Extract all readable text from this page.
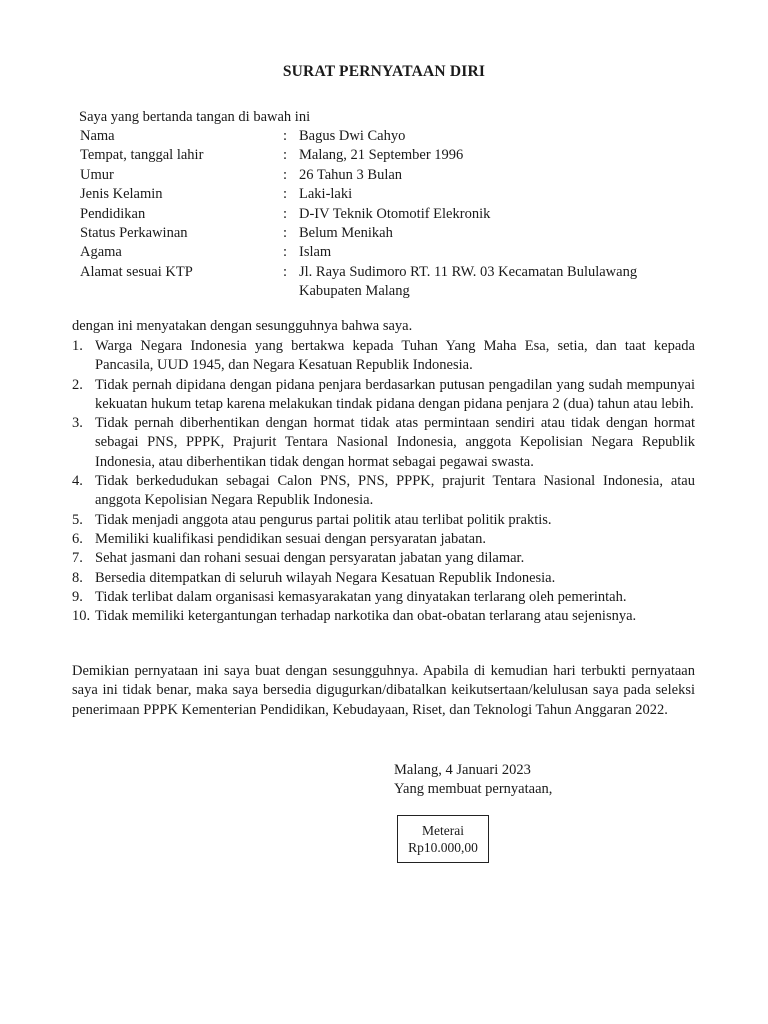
SURAT PERNYATAAN DIRI
Saya yang bertanda tangan di bawah ini
Nama	: Bagus Dwi Cahyo
Tempat, tanggal lahir	: Malang, 21 September 1996
Umur	: 26 Tahun 3 Bulan
Jenis Kelamin	: Laki-laki
Pendidikan	: D-IV Teknik Otomotif Elekronik
Status Perkawinan	: Belum Menikah
Agama	: Islam
Alamat sesuai KTP	: Jl. Raya Sudimoro RT. 11 RW. 03 Kecamatan Bululawang Kabupaten Malang
dengan ini menyatakan dengan sesungguhnya bahwa saya.
1. Warga Negara Indonesia yang bertakwa kepada Tuhan Yang Maha Esa, setia, dan taat kepada Pancasila, UUD 1945, dan Negara Kesatuan Republik Indonesia.
2. Tidak pernah dipidana dengan pidana penjara berdasarkan putusan pengadilan yang sudah mempunyai kekuatan hukum tetap karena melakukan tindak pidana dengan pidana penjara 2 (dua) tahun atau lebih.
3. Tidak pernah diberhentikan dengan hormat tidak atas permintaan sendiri atau tidak dengan hormat sebagai PNS, PPPK, Prajurit Tentara Nasional Indonesia, anggota Kepolisian Negara Republik Indonesia, atau diberhentikan tidak dengan hormat sebagai pegawai swasta.
4. Tidak berkedudukan sebagai Calon PNS, PNS, PPPK, prajurit Tentara Nasional Indonesia, atau anggota Kepolisian Negara Republik Indonesia.
5. Tidak menjadi anggota atau pengurus partai politik atau terlibat politik praktis.
6. Memiliki kualifikasi pendidikan sesuai dengan persyaratan jabatan.
7. Sehat jasmani dan rohani sesuai dengan persyaratan jabatan yang dilamar.
8. Bersedia ditempatkan di seluruh wilayah Negara Kesatuan Republik Indonesia.
9. Tidak terlibat dalam organisasi kemasyarakatan yang dinyatakan terlarang oleh pemerintah.
10. Tidak memiliki ketergantungan terhadap narkotika dan obat-obatan terlarang atau sejenisnya.
Demikian pernyataan ini saya buat dengan sesungguhnya. Apabila di kemudian hari terbukti pernyataan saya ini tidak benar, maka saya bersedia digugurkan/dibatalkan keikutsertaan/kelulusan saya pada seleksi penerimaan PPPK Kementerian Pendidikan, Kebudayaan, Riset, dan Teknologi Tahun Anggaran 2022.
Malang, 4 Januari 2023
Yang membuat pernyataan,
Meterai
Rp10.000,00
